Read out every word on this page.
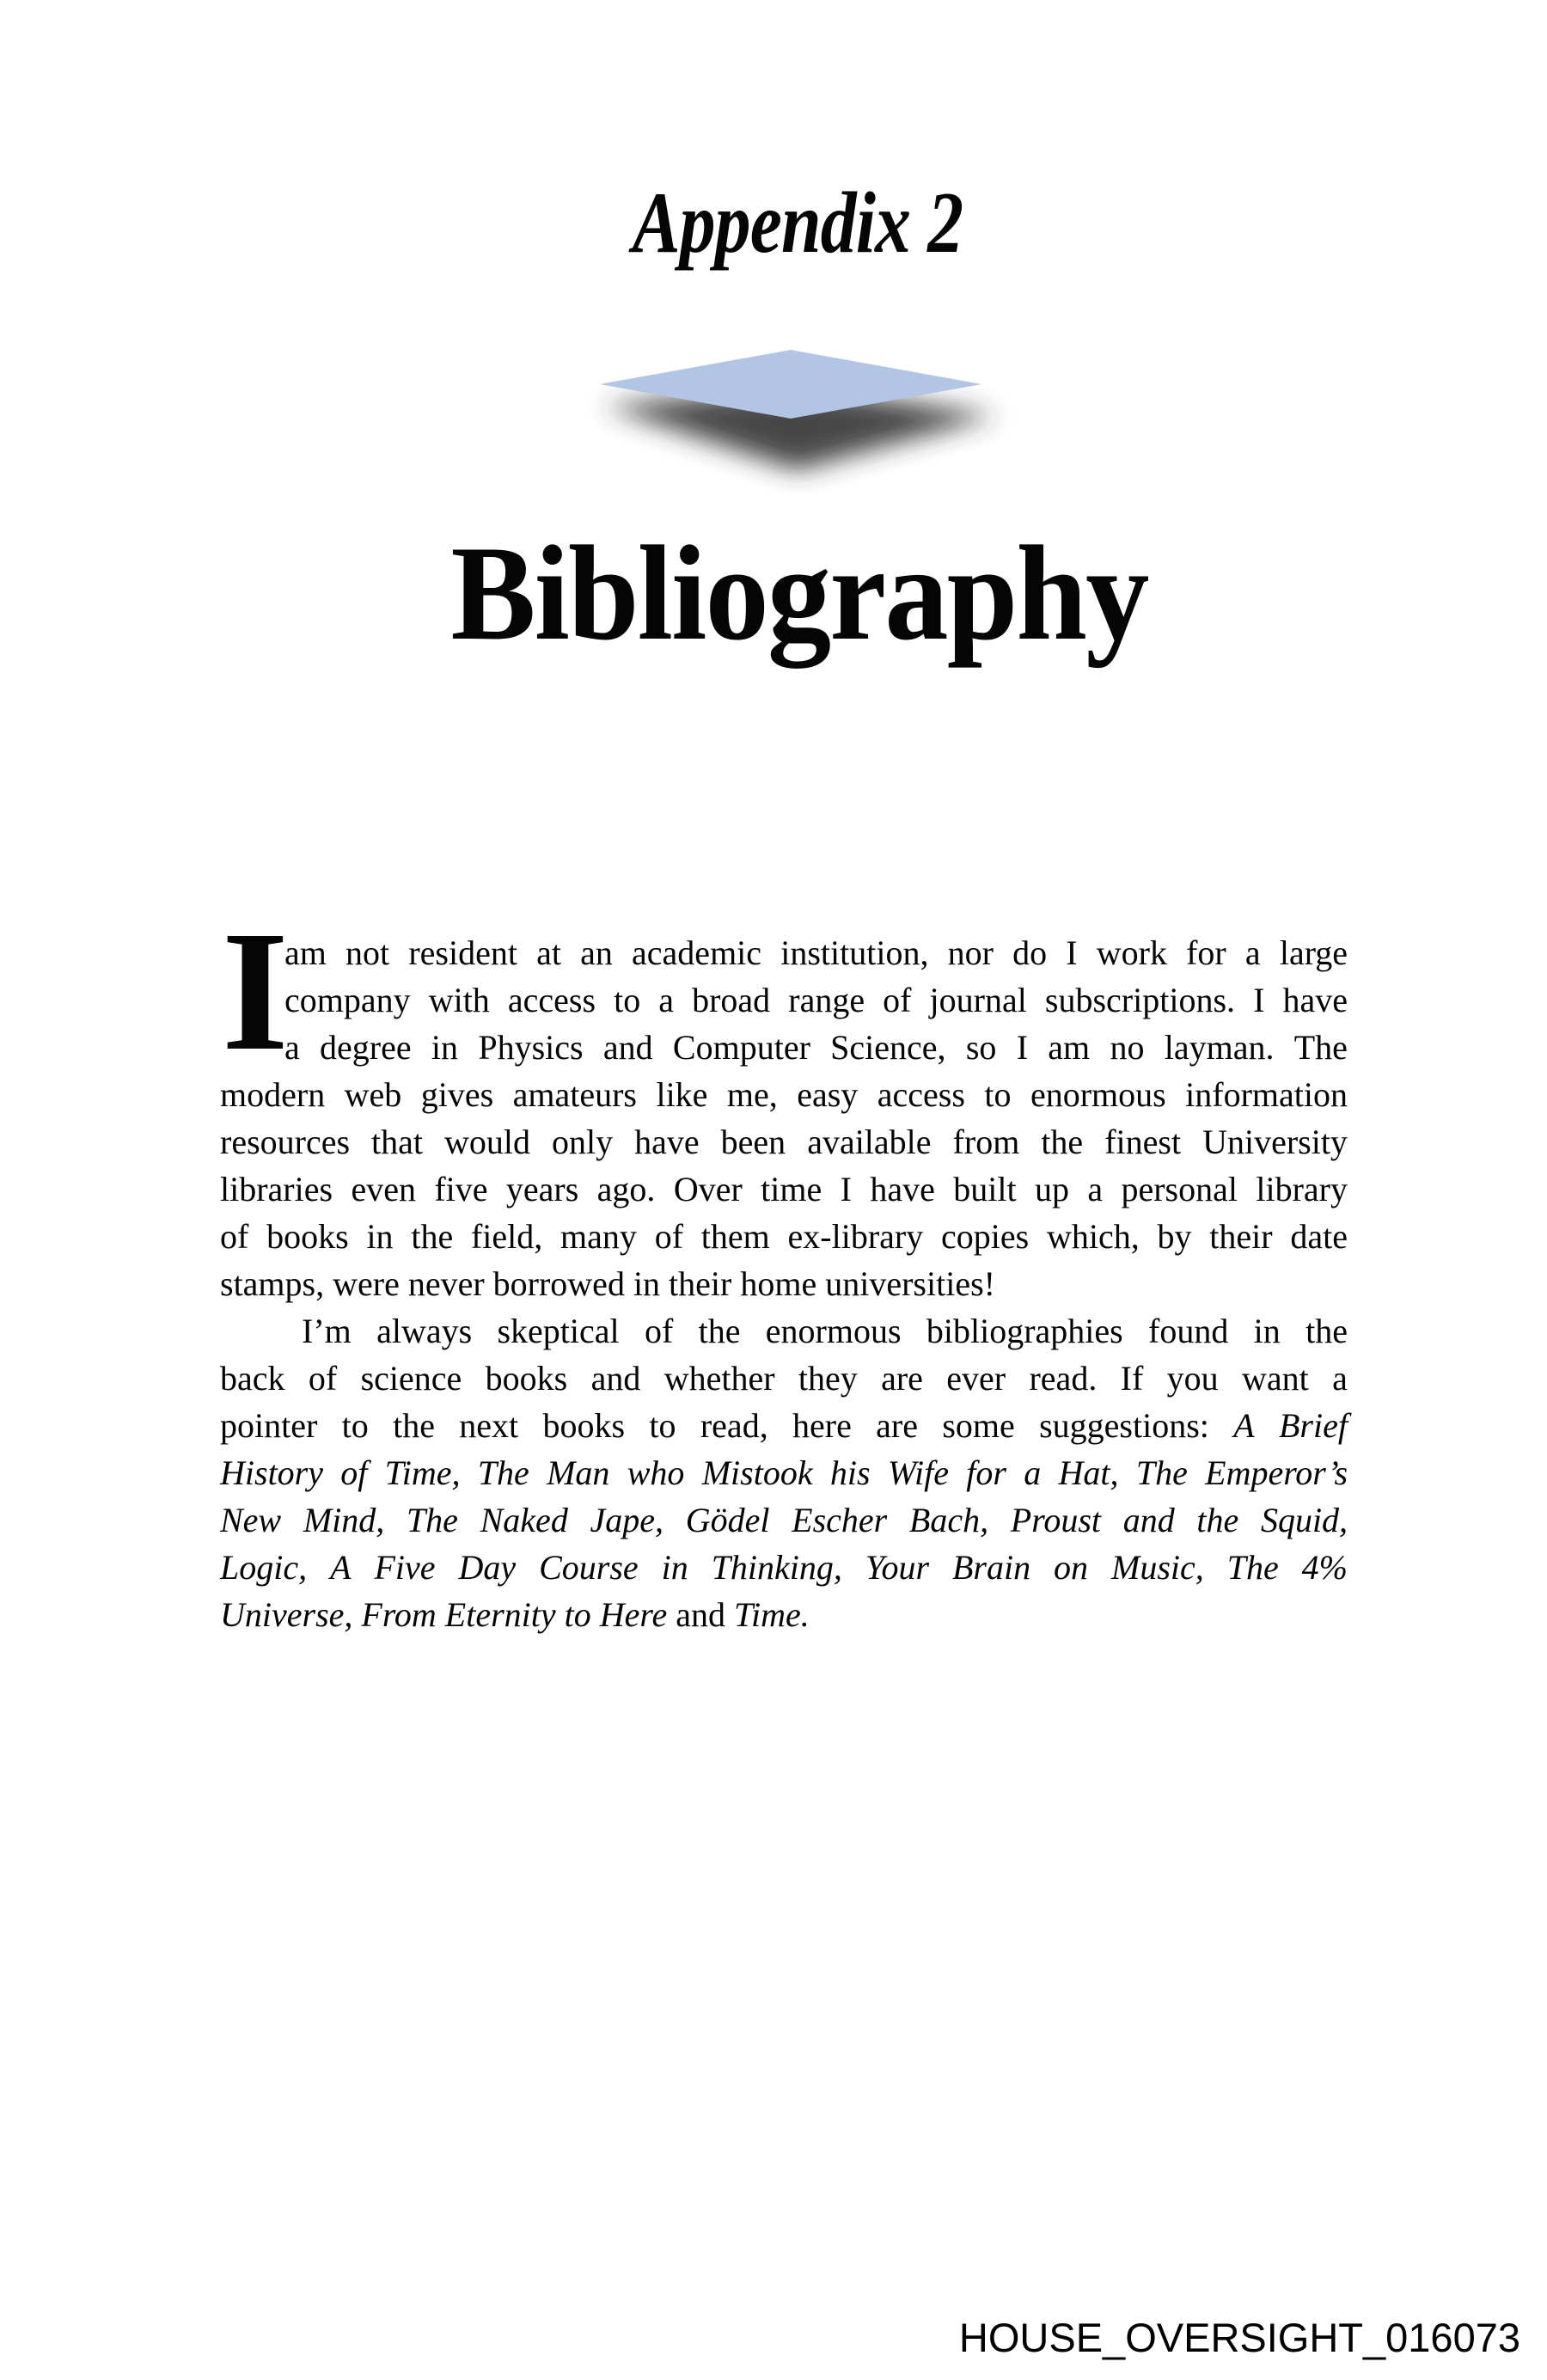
Appendix 2
Bibliography
I
am not resident at an academic institution, nor do I work for a large
company with access to a broad range of journal subscriptions. I have
a degree in Physics and Computer Science, so I am no layman. The
modern web gives amateurs like me, easy access to enormous information
resources that would only have been available from the finest University
libraries even five years ago. Over time I have built up a personal library
of books in the field, many of them ex-library copies which, by their date
stamps, were never borrowed in their home universities!
I’m always skeptical of the enormous bibliographies found in the
back of science books and whether they are ever read. If you want a
pointer to the next books to read, here are some suggestions: A Brief
History of Time, The Man who Mistook his Wife for a Hat, The Emperor’s
New Mind, The Naked Jape, Gödel Escher Bach, Proust and the Squid,
Logic, A Five Day Course in Thinking, Your Brain on Music, The 4%
Universe, From Eternity to Here and Time.
HOUSE_OVERSIGHT_016073
